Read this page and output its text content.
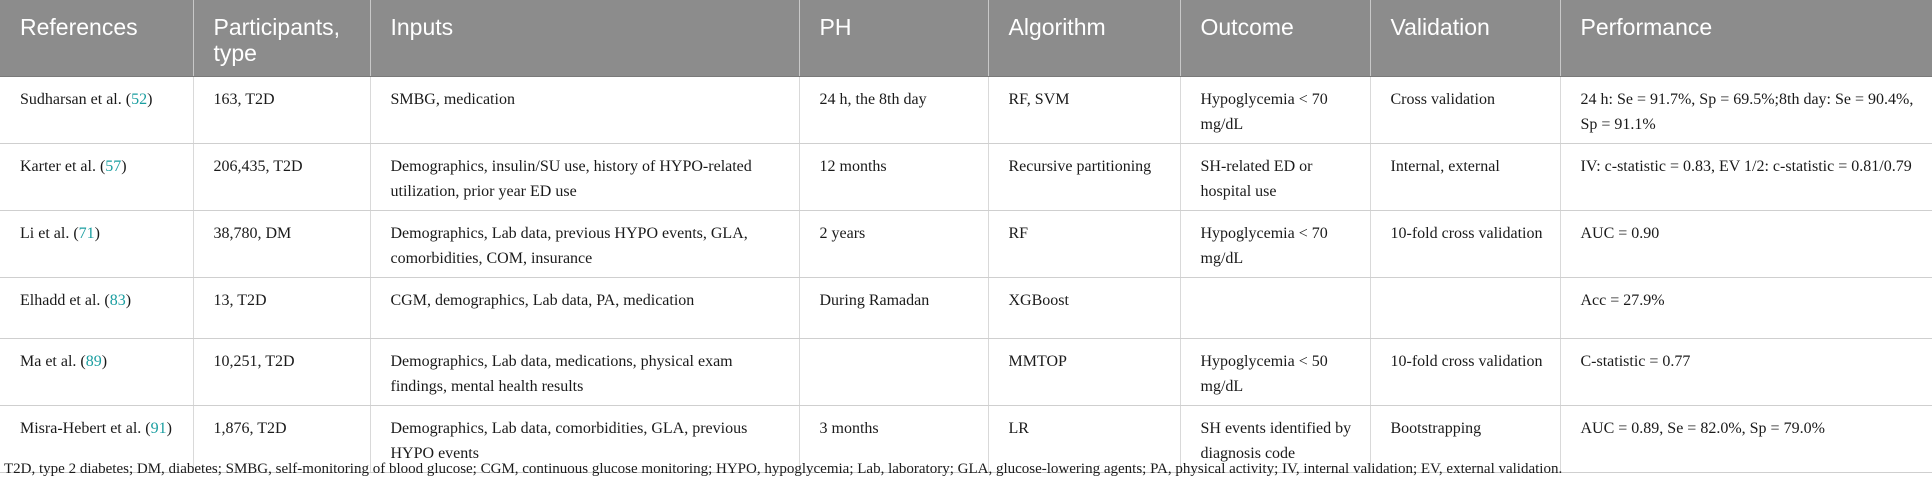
References	Participants, type	Inputs	PH	Algorithm	Outcome	Validation	Performance
Sudharsan et al. (52)	163, T2D	SMBG, medication	24 h, the 8th day	RF, SVM	Hypoglycemia < 70 mg/dL	Cross validation	24 h: Se = 91.7%, Sp = 69.5%;8th day: Se = 90.4%, Sp = 91.1%
Karter et al. (57)	206,435, T2D	Demographics, insulin/SU use, history of HYPO-related utilization, prior year ED use	12 months	Recursive partitioning	SH-related ED or hospital use	Internal, external	IV: c-statistic = 0.83, EV 1/2: c-statistic = 0.81/0.79
Li et al. (71)	38,780, DM	Demographics, Lab data, previous HYPO events, GLA, comorbidities, COM, insurance	2 years	RF	Hypoglycemia < 70 mg/dL	10-fold cross validation	AUC = 0.90
Elhadd et al. (83)	13, T2D	CGM, demographics, Lab data, PA, medication	During Ramadan	XGBoost			Acc = 27.9%
Ma et al. (89)	10,251, T2D	Demographics, Lab data, medications, physical exam findings, mental health results		MMTOP	Hypoglycemia < 50 mg/dL	10-fold cross validation	C-statistic = 0.77
Misra-Hebert et al. (91)	1,876, T2D	Demographics, Lab data, comorbidities, GLA, previous HYPO events	3 months	LR	SH events identified by diagnosis code	Bootstrapping	AUC = 0.89, Se = 82.0%, Sp = 79.0%
T2D, type 2 diabetes; DM, diabetes; SMBG, self-monitoring of blood glucose; CGM, continuous glucose monitoring; HYPO, hypoglycemia; Lab, laboratory; GLA, glucose-lowering agents; PA, physical activity; IV, internal validation; EV, external validation.
